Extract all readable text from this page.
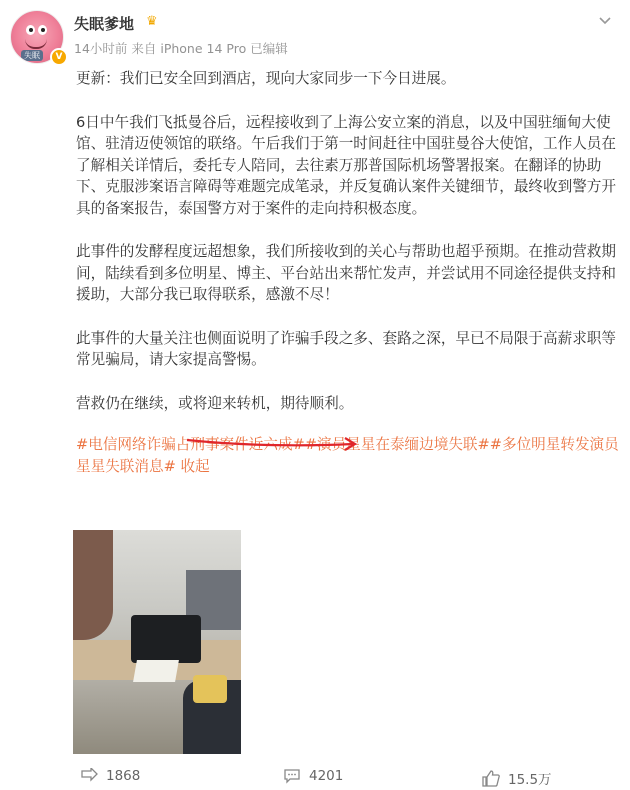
失眠	V
失眠爹地 ♛
14小时前 来自 iPhone 14 Pro 已编辑

更新：我们已安全回到酒店，现向大家同步一下今日进展。

6日中午我们飞抵曼谷后，远程接收到了上海公安立案的消息，以及中国驻缅甸大使馆、驻清迈使领馆的联络。午后我们于第一时间赶往中国驻曼谷大使馆，工作人员在了解相关详情后，委托专人陪同，去往素万那普国际机场警署报案。在翻译的协助下、克服涉案语言障碍等难题完成笔录，并反复确认案件关键细节，最终收到警方开具的备案报告，泰国警方对于案件的走向持积极态度。

此事件的发酵程度远超想象，我们所接收到的关心与帮助也超乎预期。在推动营救期间，陆续看到多位明星、博主、平台站出来帮忙发声，并尝试用不同途径提供支持和援助，大部分我已取得联系，感激不尽！

此事件的大量关注也侧面说明了诈骗手段之多、套路之深，早已不局限于高薪求职等常见骗局，请大家提高警惕。

营救仍在继续，或将迎来转机，期待顺利。

#电信网络诈骗占刑事案件近六成##演员星星在泰缅边境失联##多位明星转发演员星星失联消息# 收起

1868	4201	15.5万
